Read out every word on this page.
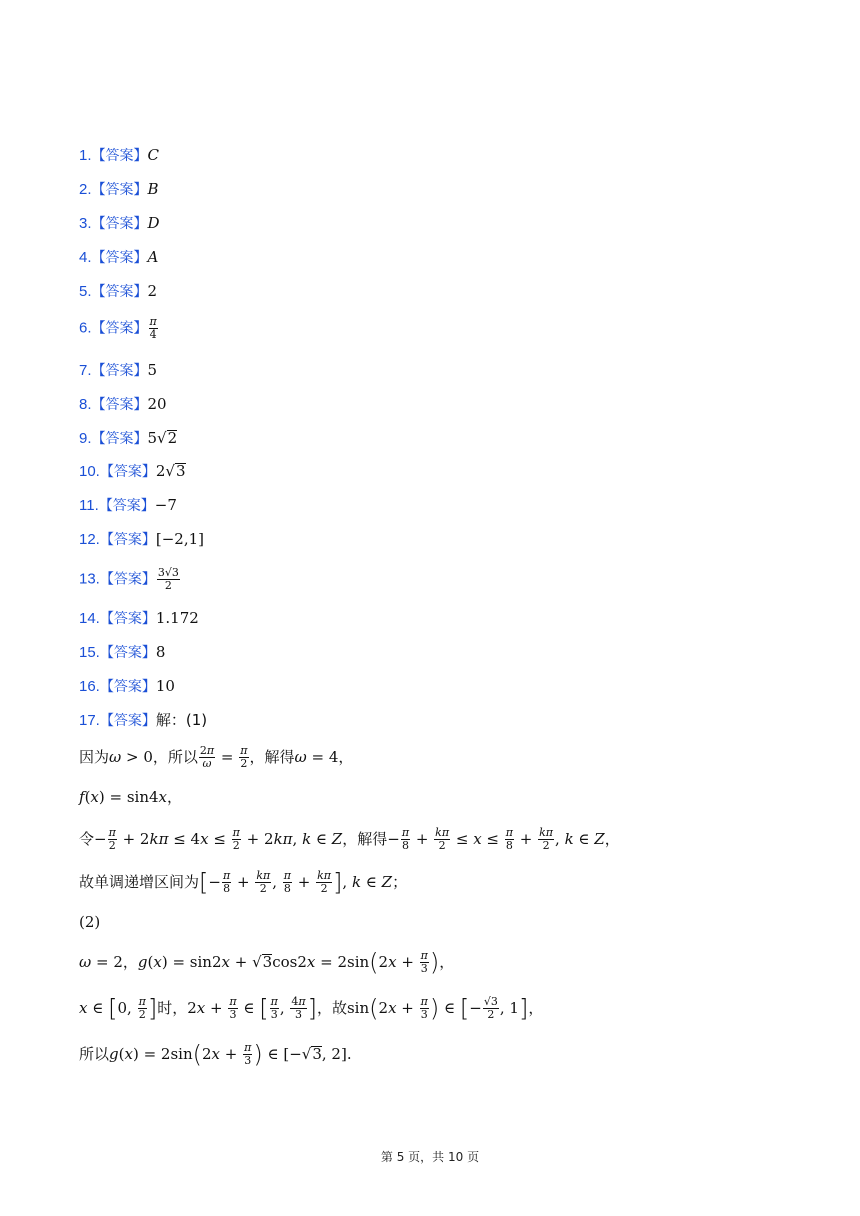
1.【答案】C
2.【答案】B
3.【答案】D
4.【答案】A
5.【答案】2
6.【答案】 $\frac{\pi}{4}$
7.【答案】5
8.【答案】20
9.【答案】5√2
10.【答案】2√3
11.【答案】−7
12.【答案】[−2,1]
13.【答案】 $\frac{3√3}{2}$
14.【答案】1.172
15.【答案】8
16.【答案】10
17.【答案】解：(1)
因为ω > 0，所以 $\frac{2\pi}{\omega} = \frac{\pi}{2}$ ，解得ω = 4，
f(x) = sin4x，
令− $\frac{\pi}{2} + 2k\pi \le 4x \le \frac{\pi}{2} + 2k\pi$, k ∈ Z，解得− $\frac{\pi}{8} + \frac{k\pi}{2} \le x \le \frac{\pi}{8} + \frac{k\pi}{2}$ , k ∈ Z，
故单调递增区间为[− $\frac{\pi}{8} + \frac{k\pi}{2}$ , $\frac{\pi}{8} + \frac{k\pi}{2}$ ], k ∈ Z；
(2)
ω = 2，$g(x) = \sin 2x + √3\cos 2x = 2\sin(2x + \frac{\pi}{3}$ )，
x ∈ [0, $\frac{\pi}{2}$ ]时，$2x + \frac{\pi}{3}$ ∈ [ $\frac{\pi}{3}$ , $\frac{4\pi}{3}$ ]，故$\sin(2x + \frac{\pi}{3}$ ) ∈ [− $\frac{√3}{2}$ , 1]，
所以$g(x) = 2\sin(2x + \frac{\pi}{3}$ ) ∈ [−√3, 2].
第 5 页，共 10 页
